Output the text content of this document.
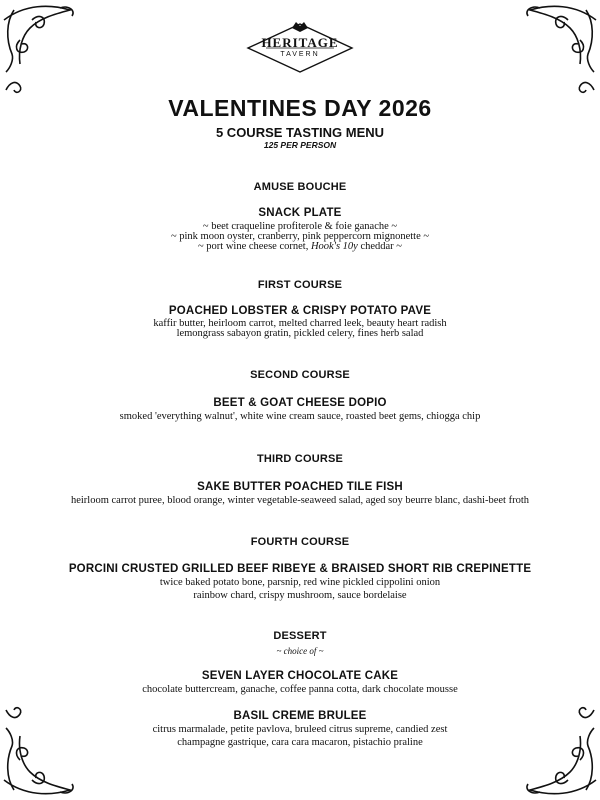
HERITAGE
TAVERN
VALENTINES DAY 2026
5 COURSE TASTING MENU
125 PER PERSON
AMUSE BOUCHE
SNACK PLATE
~ beet craqueline profiterole & foie ganache ~
~ pink moon oyster, cranberry, pink peppercorn mignonette ~
~ port wine cheese cornet, Hook's 10y cheddar ~
FIRST COURSE
POACHED LOBSTER & CRISPY POTATO PAVE
kaffir butter, heirloom carrot, melted charred leek, beauty heart radish
lemongrass sabayon gratin, pickled celery, fines herb salad
SECOND COURSE
BEET & GOAT CHEESE DOPIO
smoked 'everything walnut', white wine cream sauce, roasted beet gems, chiogga chip
THIRD COURSE
SAKE BUTTER POACHED TILE FISH
heirloom carrot puree, blood orange, winter vegetable-seaweed salad, aged soy beurre blanc, dashi-beet froth
FOURTH COURSE
PORCINI CRUSTED GRILLED BEEF RIBEYE & BRAISED SHORT RIB CREPINETTE
twice baked potato bone, parsnip, red wine pickled cippolini onion
rainbow chard, crispy mushroom, sauce bordelaise
DESSERT
~ choice of ~
SEVEN LAYER CHOCOLATE CAKE
chocolate buttercream, ganache, coffee panna cotta, dark chocolate mousse
BASIL CREME BRULEE
citrus marmalade, petite pavlova, bruleed citrus supreme, candied zest
champagne gastrique, cara cara macaron, pistachio praline
